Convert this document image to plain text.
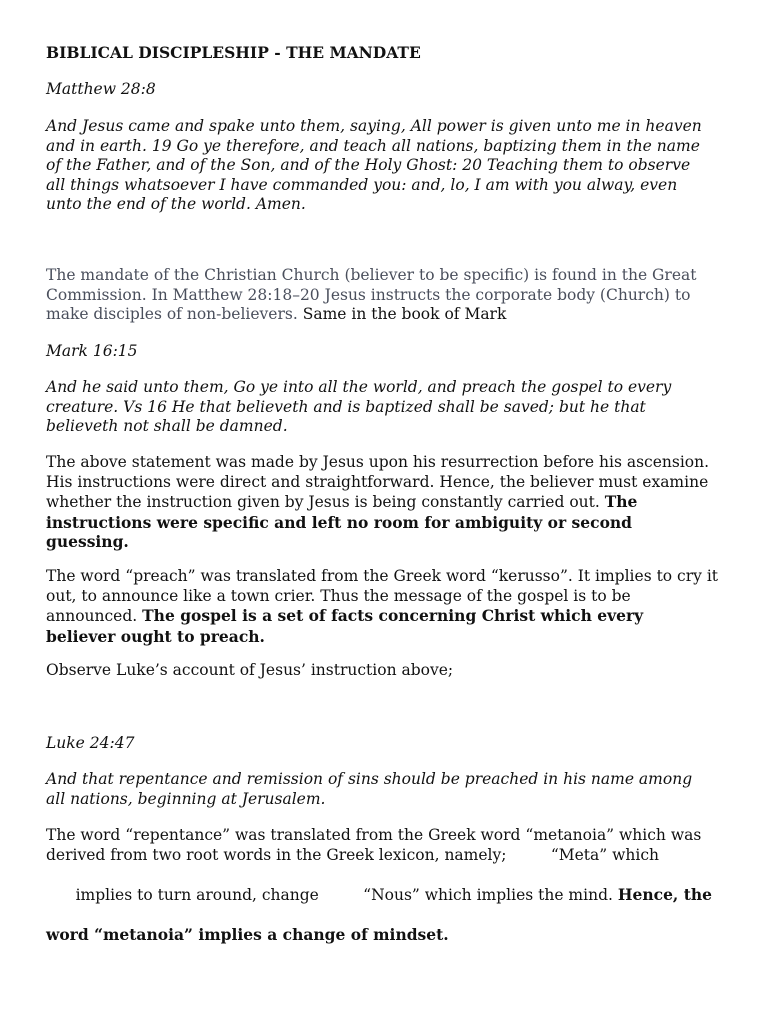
BIBLICAL DISCIPLESHIP - THE MANDATE

Matthew 28:8

And Jesus came and spake unto them, saying, All power is given unto me in heaven
and in earth. 19 Go ye therefore, and teach all nations, baptizing them in the name
of the Father, and of the Son, and of the Holy Ghost: 20 Teaching them to observe
all things whatsoever I have commanded you: and, lo, I am with you alway, even
unto the end of the world. Amen.
The mandate of the Christian Church (believer to be specific) is found in the Great
Commission. In Matthew 28:18–20 Jesus instructs the corporate body (Church) to
make disciples of non-believers. Same in the book of Mark

Mark 16:15

And he said unto them, Go ye into all the world, and preach the gospel to every
creature. Vs 16 He that believeth and is baptized shall be saved; but he that
believeth not shall be damned.
The above statement was made by Jesus upon his resurrection before his ascension.
His instructions were direct and straightforward. Hence, the believer must examine
whether the instruction given by Jesus is being constantly carried out. The
instructions were specific and left no room for ambiguity or second
guessing.
The word “preach” was translated from the Greek word “kerusso”. It implies to cry it
out, to announce like a town crier. Thus the message of the gospel is to be
announced. The gospel is a set of facts concerning Christ which every
believer ought to preach.

Observe Luke’s account of Jesus’ instruction above;

Luke 24:47

And that repentance and remission of sins should be preached in his name among
all nations, beginning at Jerusalem.
The word “repentance” was translated from the Greek word “metanoia” which was
derived from two root words in the Greek lexicon, namely;         “Meta” which

implies to turn around, change         “Nous” which implies the mind. Hence, the

word “metanoia” implies a change of mindset.
